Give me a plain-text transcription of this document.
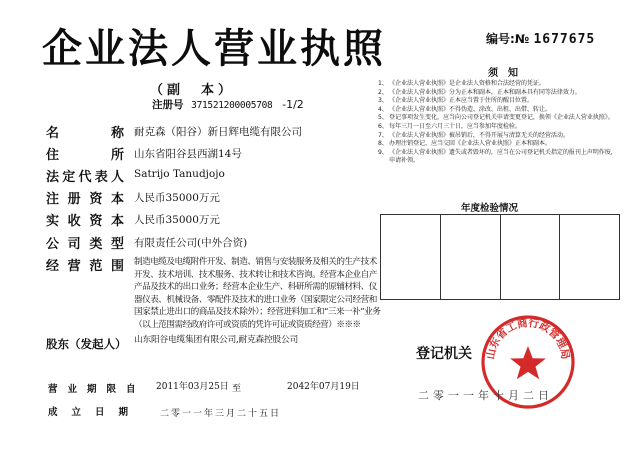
企业法人营业执照
（副　本）
编号:№ 1677675
注册号 371521200005708 -1/2
名　　称 耐克森（阳谷）新日辉电缆有限公司
住　　所 山东省阳谷县西湖14号
法定代表人 Satrijo Tanudjojo
注册资本 人民币35000万元
实收资本 人民币35000万元
公司类型 有限责任公司(中外合资)
经营范围 制造电缆及电缆附件开发、制造、销售与安装服务及相关的生产技术开发、技术培训、技术服务、技术转让和技术咨询。经营本企业自产产品及技术的出口业务；经营本企业生产、科研所需的原辅材料、仪器仪表、机械设备、零配件及技术的进口业务（国家限定公司经营和国家禁止进出口的商品及技术除外）；经营进料加工和“三来一补”业务（以上范围需经政府许可或资质的凭许可证或资质经营）※※※
股东（发起人） 山东阳谷电缆集团有限公司,耐克森控股公司
营业期限自 2011年03月25日 至	2042年07月19日
成立日期 二零一一年三月二十五日
须知
1、 《企业法人营业执照》是企业法人资格和合法经营的凭证。
2、 《企业法人营业执照》分为正本和副本，正本和副本具有同等法律效力。
3、 《企业法人营业执照》正本应当置于住所的醒目位置。
4、 《企业法人营业执照》不得伪造、涂改、出租、出借、转让。
5、 登记事项发生变化，应当向公司登记机关申请变更登记，换领《企业法人营业执照》。
6、 每年三月一日至六月三十日，应当参加年度检验。
7、 《企业法人营业执照》被吊销后，不得开展与清算无关的经营活动。
8、 办理注销登记，应当交回《企业法人营业执照》正本和副本。
9、 《企业法人营业执照》遗失或者毁坏的，应当在公司登记机关指定的报刊上声明作废，申请补领。
年度检验情况
登记机关 山东省工商行政管理局
二零一一年十月二日
